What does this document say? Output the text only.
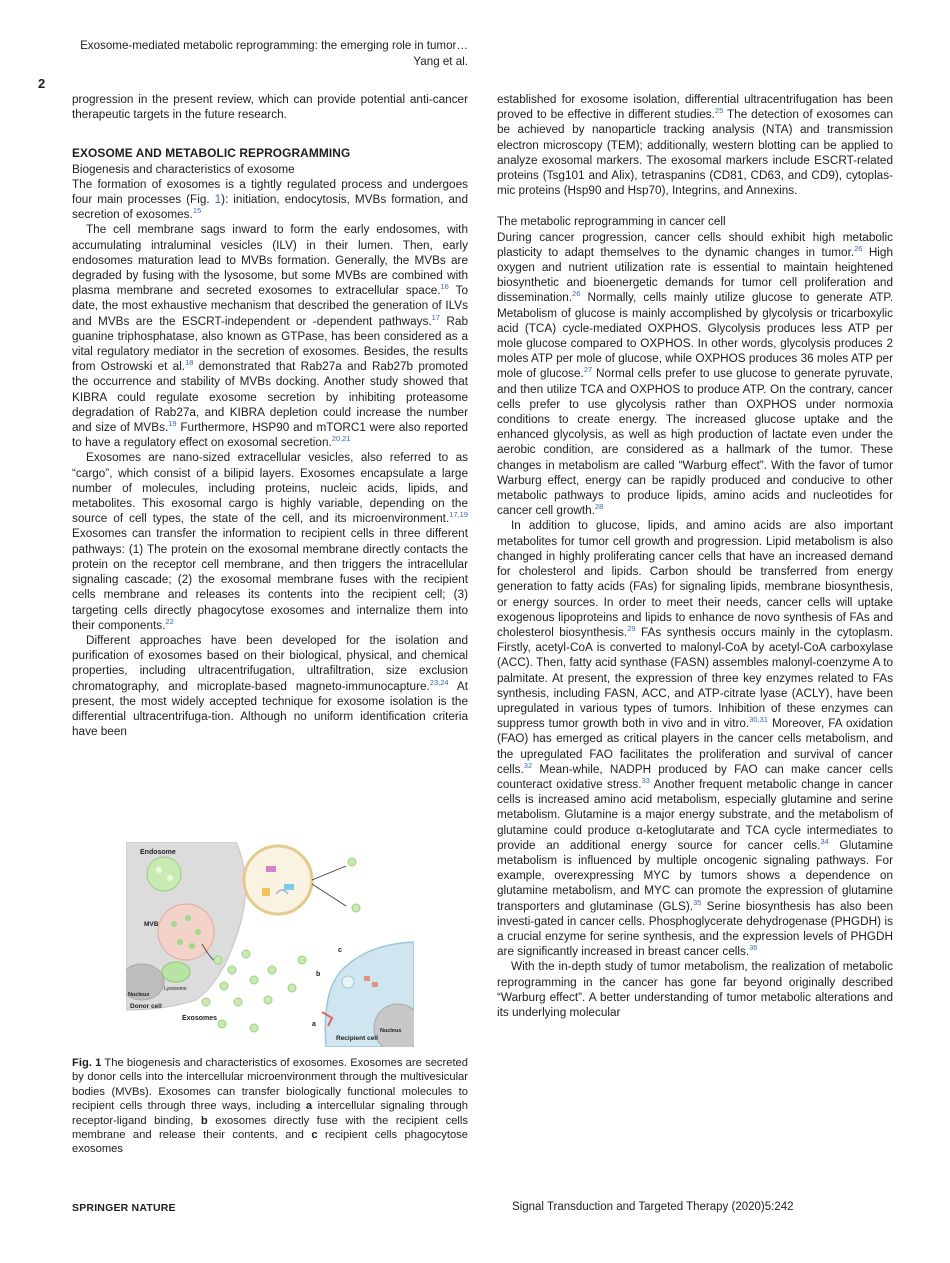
Exosome-mediated metabolic reprogramming: the emerging role in tumor…
Yang et al.
2

progression in the present review, which can provide potential anti-cancer therapeutic targets in the future research.

EXOSOME AND METABOLIC REPROGRAMMING

Biogenesis and characteristics of exosome

The formation of exosomes is a tightly regulated process and undergoes four main processes (Fig. 1): initiation, endocytosis, MVBs formation, and secretion of exosomes.$^{15}$

The cell membrane sags inward to form the early endosomes, with accumulating intraluminal vesicles (ILV) in their lumen. Then, early endosomes maturation lead to MVBs formation. Generally, the MVBs are degraded by fusing with the lysosome, but some MVBs are combined with plasma membrane and secreted exosomes to extracellular space.$^{16}$ To date, the most exhaustive mechanism that described the generation of ILVs and MVBs are the ESCRT-independent or -dependent pathways.$^{17}$ Rab guanine triphosphatase, also known as GTPase, has been considered as a vital regulatory mediator in the secretion of exosomes. Besides, the results from Ostrowski et al.$^{18}$ demonstrated that Rab27a and Rab27b promoted the occurrence and stability of MVBs docking. Another study showed that KIBRA could regulate exosome secretion by inhibiting proteasome degradation of Rab27a, and KIBRA depletion could increase the number and size of MVBs.$^{19}$ Furthermore, HSP90 and mTORC1 were also reported to have a regulatory effect on exosomal secretion.$^{20,21}$

Exosomes are nano-sized extracellular vesicles, also referred to as “cargo”, which consist of a bilipid layers. Exosomes encapsulate a large number of molecules, including proteins, nucleic acids, lipids, and metabolites. This exosomal cargo is highly variable, depending on the source of cell types, the state of the cell, and its microenvironment.$^{17,19}$ Exosomes can transfer the information to recipient cells in three different pathways: (1) The protein on the exosomal membrane directly contacts the protein on the receptor cell membrane, and then triggers the intracellular signaling cascade; (2) the exosomal membrane fuses with the recipient cells membrane and releases its contents into the recipient cell; (3) targeting cells directly phagocytose exosomes and internalize them into their components.$^{22}$

Different approaches have been developed for the isolation and purification of exosomes based on their biological, physical, and chemical properties, including ultracentrifugation, ultrafiltration, size exclusion chromatography, and microplate-based magneto-immunocapture.$^{23,24}$ At present, the most widely accepted technique for exosome isolation is the differential ultracentrifuga-tion. Although no uniform identification criteria have been

Endosome
MVB
Nucleus
Lysosome
Donor cell
Exosomes
Recipient cell
Nucleus
a
b
c
Fig. 1 The biogenesis and characteristics of exosomes. Exosomes are secreted by donor cells into the intercellular microenvironment through the multivesicular bodies (MVBs). Exosomes can transfer biologically functional molecules to recipient cells through three ways, including a intercellular signaling through receptor-ligand binding, b exosomes directly fuse with the recipient cells membrane and release their contents, and c recipient cells phagocytose exosomes

established for exosome isolation, differential ultracentrifugation has been proved to be effective in different studies.$^{25}$ The detection of exosomes can be achieved by nanoparticle tracking analysis (NTA) and transmission electron microscopy (TEM); additionally, western blotting can be applied to analyze exosomal markers. The exosomal markers include ESCRT-related proteins (Tsg101 and Alix), tetraspanins (CD81, CD63, and CD9), cytoplas-mic proteins (Hsp90 and Hsp70), Integrins, and Annexins.

The metabolic reprogramming in cancer cell

During cancer progression, cancer cells should exhibit high metabolic plasticity to adapt themselves to the dynamic changes in tumor.$^{26}$ High oxygen and nutrient utilization rate is essential to maintain heightened biosynthetic and bioenergetic demands for tumor cell proliferation and dissemination.$^{26}$ Normally, cells mainly utilize glucose to generate ATP. Metabolism of glucose is mainly accomplished by glycolysis or tricarboxylic acid (TCA) cycle-mediated OXPHOS. Glycolysis produces less ATP per mole glucose compared to OXPHOS. In other words, glycolysis produces 2 moles ATP per mole of glucose, while OXPHOS produces 36 moles ATP per mole of glucose.$^{27}$ Normal cells prefer to use glucose to generate pyruvate, and then utilize TCA and OXPHOS to produce ATP. On the contrary, cancer cells prefer to use glycolysis rather than OXPHOS under normoxia conditions to create energy. The increased glucose uptake and the enhanced glycolysis, as well as high production of lactate even under the aerobic condition, are considered as a hallmark of the tumor. These changes in metabolism are called “Warburg effect”. With the favor of tumor Warburg effect, energy can be rapidly produced and conducive to other metabolic pathways to produce lipids, amino acids and nucleotides for cancer cell growth.$^{28}$

In addition to glucose, lipids, and amino acids are also important metabolites for tumor cell growth and progression. Lipid metabolism is also changed in highly proliferating cancer cells that have an increased demand for cholesterol and lipids. Carbon should be transferred from energy generation to fatty acids (FAs) for signaling lipids, membrane biosynthesis, or energy sources. In order to meet their needs, cancer cells will uptake exogenous lipoproteins and lipids to enhance de novo synthesis of FAs and cholesterol biosynthesis.$^{29}$ FAs synthesis occurs mainly in the cytoplasm. Firstly, acetyl-CoA is converted to malonyl-CoA by acetyl-CoA carboxylase (ACC). Then, fatty acid synthase (FASN) assembles malonyl-coenzyme A to palmitate. At present, the expression of three key enzymes related to FAs synthesis, including FASN, ACC, and ATP-citrate lyase (ACLY), have been upregulated in various types of tumors. Inhibition of these enzymes can suppress tumor growth both in vivo and in vitro.$^{30,31}$ Moreover, FA oxidation (FAO) has emerged as critical players in the cancer cells metabolism, and the upregulated FAO facilitates the proliferation and survival of cancer cells.$^{32}$ Mean-while, NADPH produced by FAO can make cancer cells counteract oxidative stress.$^{33}$ Another frequent metabolic change in cancer cells is increased amino acid metabolism, especially glutamine and serine metabolism. Glutamine is a major energy substrate, and the metabolism of glutamine could produce α-ketoglutarate and TCA cycle intermediates to provide an additional energy source for cancer cells.$^{34}$ Glutamine metabolism is influenced by multiple oncogenic signaling pathways. For example, overexpressing MYC by tumors shows a dependence on glutamine metabolism, and MYC can promote the expression of glutamine transporters and glutaminase (GLS).$^{35}$ Serine biosynthesis has also been investi-gated in cancer cells. Phosphoglycerate dehydrogenase (PHGDH) is a crucial enzyme for serine synthesis, and the expression levels of PHGDH are significantly increased in breast cancer cells.$^{36}$

With the in-depth study of tumor metabolism, the realization of metabolic reprogramming in the cancer has gone far beyond originally described “Warburg effect”. A better understanding of tumor metabolic alterations and its underlying molecular

SPRINGER NATURE	Signal Transduction and Targeted Therapy (2020)5:242
